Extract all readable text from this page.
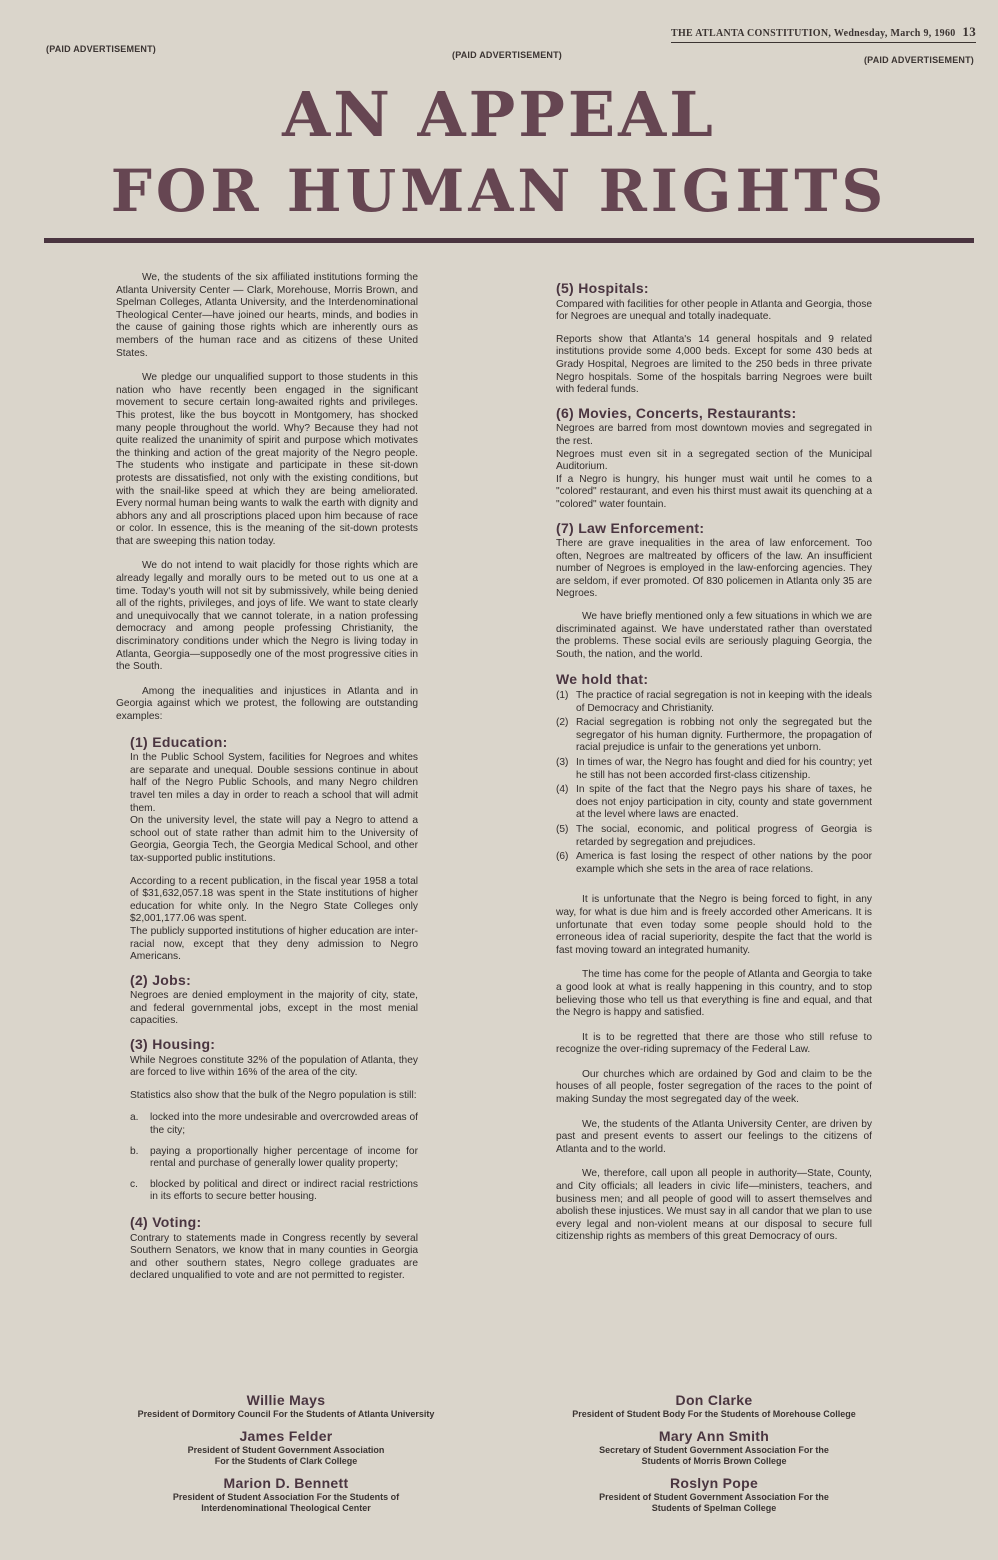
THE ATLANTA CONSTITUTION, Wednesday, March 9, 1960 13
(PAID ADVERTISEMENT)
(PAID ADVERTISEMENT)	(PAID ADVERTISEMENT)
AN APPEAL
FOR HUMAN RIGHTS

We, the students of the six affiliated institutions forming the Atlanta University Center — Clark, Morehouse, Morris Brown, and Spelman Colleges, Atlanta University, and the Interdenominational Theological Center—have joined our hearts, minds, and bodies in the cause of gaining those rights which are inherently ours as members of the human race and as citizens of these United States.

We pledge our unqualified support to those students in this nation who have recently been engaged in the significant movement to secure certain long-awaited rights and privileges. This protest, like the bus boycott in Montgomery, has shocked many people throughout the world. Why? Because they had not quite realized the unanimity of spirit and purpose which motivates the thinking and action of the great majority of the Negro people. The students who instigate and participate in these sit-down protests are dissatisfied, not only with the existing conditions, but with the snail-like speed at which they are being ameliorated. Every normal human being wants to walk the earth with dignity and abhors any and all proscriptions placed upon him because of race or color. In essence, this is the meaning of the sit-down protests that are sweeping this nation today.

We do not intend to wait placidly for those rights which are already legally and morally ours to be meted out to us one at a time. Today's youth will not sit by submissively, while being denied all of the rights, privileges, and joys of life. We want to state clearly and unequivocally that we cannot tolerate, in a nation professing democracy and among people professing Christianity, the discriminatory conditions under which the Negro is living today in Atlanta, Georgia—supposedly one of the most progressive cities in the South.

Among the inequalities and injustices in Atlanta and in Georgia against which we protest, the following are outstanding examples:

(1) Education:

In the Public School System, facilities for Negroes and whites are separate and unequal. Double sessions continue in about half of the Negro Public Schools, and many Negro children travel ten miles a day in order to reach a school that will admit them.

On the university level, the state will pay a Negro to attend a school out of state rather than admit him to the University of Georgia, Georgia Tech, the Georgia Medical School, and other tax-supported public institutions.

According to a recent publication, in the fiscal year 1958 a total of $31,632,057.18 was spent in the State institutions of higher education for white only. In the Negro State Colleges only $2,001,177.06 was spent.

The publicly supported institutions of higher education are inter-racial now, except that they deny admission to Negro Americans.

(2) Jobs:

Negroes are denied employment in the majority of city, state, and federal governmental jobs, except in the most menial capacities.

(3) Housing:

While Negroes constitute 32% of the population of Atlanta, they are forced to live within 16% of the area of the city.

Statistics also show that the bulk of the Negro population is still:

a.	locked into the more undesirable and overcrowded areas of the city;
b.	paying a proportionally higher percentage of income for rental and purchase of generally lower quality property;
c.	blocked by political and direct or indirect racial restrictions in its efforts to secure better housing.
(4) Voting:

Contrary to statements made in Congress recently by several Southern Senators, we know that in many counties in Georgia and other southern states, Negro college graduates are declared unqualified to vote and are not permitted to register.

(5) Hospitals:

Compared with facilities for other people in Atlanta and Georgia, those for Negroes are unequal and totally inadequate.

Reports show that Atlanta's 14 general hospitals and 9 related institutions provide some 4,000 beds. Except for some 430 beds at Grady Hospital, Negroes are limited to the 250 beds in three private Negro hospitals. Some of the hospitals barring Negroes were built with federal funds.

(6) Movies, Concerts, Restaurants:

Negroes are barred from most downtown movies and segregated in the rest.

Negroes must even sit in a segregated section of the Municipal Auditorium.

If a Negro is hungry, his hunger must wait until he comes to a "colored" restaurant, and even his thirst must await its quenching at a "colored" water fountain.

(7) Law Enforcement:

There are grave inequalities in the area of law enforcement. Too often, Negroes are maltreated by officers of the law. An insufficient number of Negroes is employed in the law-enforcing agencies. They are seldom, if ever promoted. Of 830 policemen in Atlanta only 35 are Negroes.

We have briefly mentioned only a few situations in which we are discriminated against. We have understated rather than overstated the problems. These social evils are seriously plaguing Georgia, the South, the nation, and the world.

We hold that:
(1) The practice of racial segregation is not in keeping with the ideals of Democracy and Christianity.
(2) Racial segregation is robbing not only the segregated but the segregator of his human dignity. Furthermore, the propagation of racial prejudice is unfair to the generations yet unborn.
(3) In times of war, the Negro has fought and died for his country; yet he still has not been accorded first-class citizenship.
(4) In spite of the fact that the Negro pays his share of taxes, he does not enjoy participation in city, county and state government at the level where laws are enacted.
(5) The social, economic, and political progress of Georgia is retarded by segregation and prejudices.
(6) America is fast losing the respect of other nations by the poor example which she sets in the area of race relations.

It is unfortunate that the Negro is being forced to fight, in any way, for what is due him and is freely accorded other Americans. It is unfortunate that even today some people should hold to the erroneous idea of racial superiority, despite the fact that the world is fast moving toward an integrated humanity.

The time has come for the people of Atlanta and Georgia to take a good look at what is really happening in this country, and to stop believing those who tell us that everything is fine and equal, and that the Negro is happy and satisfied.

It is to be regretted that there are those who still refuse to recognize the over-riding supremacy of the Federal Law.

Our churches which are ordained by God and claim to be the houses of all people, foster segregation of the races to the point of making Sunday the most segregated day of the week.

We, the students of the Atlanta University Center, are driven by past and present events to assert our feelings to the citizens of Atlanta and to the world.

We, therefore, call upon all people in authority—State, County, and City officials; all leaders in civic life—ministers, teachers, and business men; and all people of good will to assert themselves and abolish these injustices. We must say in all candor that we plan to use every legal and non-violent means at our disposal to secure full citizenship rights as members of this great Democracy of ours.

Willie Mays
President of Dormitory Council For the Students of Atlanta University
James Felder
President of Student Government Association
For the Students of Clark College
Marion D. Bennett
President of Student Association For the Students of
Interdenominational Theological Center
Don Clarke
President of Student Body For the Students of Morehouse College
Mary Ann Smith
Secretary of Student Government Association For the
Students of Morris Brown College
Roslyn Pope
President of Student Government Association For the
Students of Spelman College
